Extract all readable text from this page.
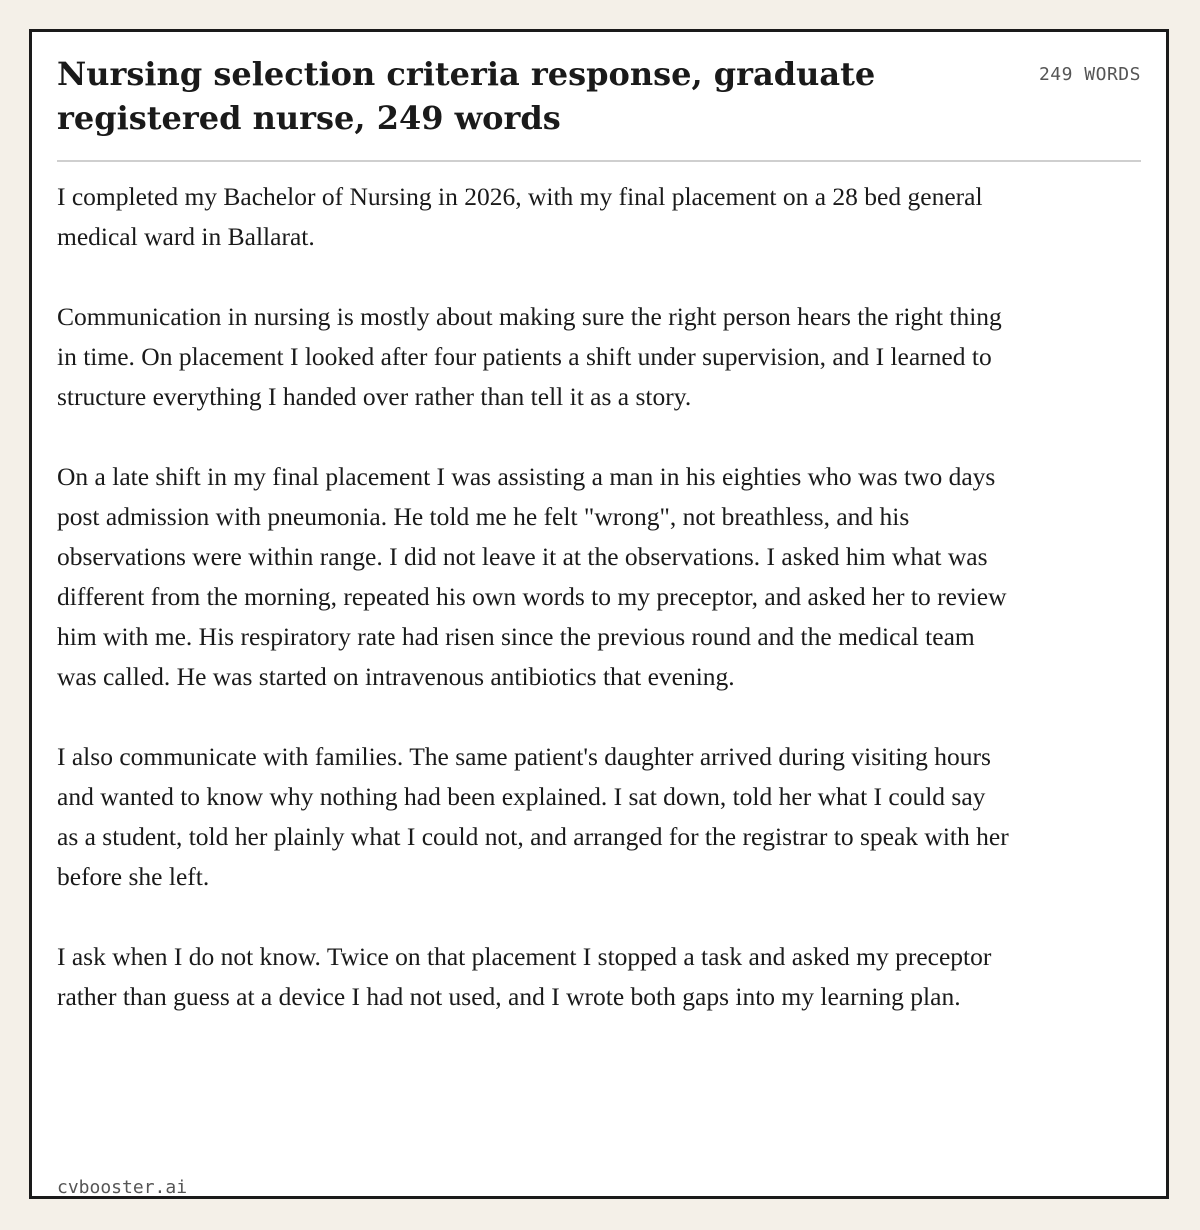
Nursing selection criteria response, graduate registered nurse, 249 words
249 WORDS

I completed my Bachelor of Nursing in 2026, with my final placement on a 28 bed general medical ward in Ballarat.

Communication in nursing is mostly about making sure the right person hears the right thing in time. On placement I looked after four patients a shift under supervision, and I learned to structure everything I handed over rather than tell it as a story.

On a late shift in my final placement I was assisting a man in his eighties who was two days post admission with pneumonia. He told me he felt "wrong", not breathless, and his observations were within range. I did not leave it at the observations. I asked him what was different from the morning, repeated his own words to my preceptor, and asked her to review him with me. His respiratory rate had risen since the previous round and the medical team was called. He was started on intravenous antibiotics that evening.

I also communicate with families. The same patient's daughter arrived during visiting hours and wanted to know why nothing had been explained. I sat down, told her what I could say as a student, told her plainly what I could not, and arranged for the registrar to speak with her before she left.

I ask when I do not know. Twice on that placement I stopped a task and asked my preceptor rather than guess at a device I had not used, and I wrote both gaps into my learning plan.

cvbooster.ai
